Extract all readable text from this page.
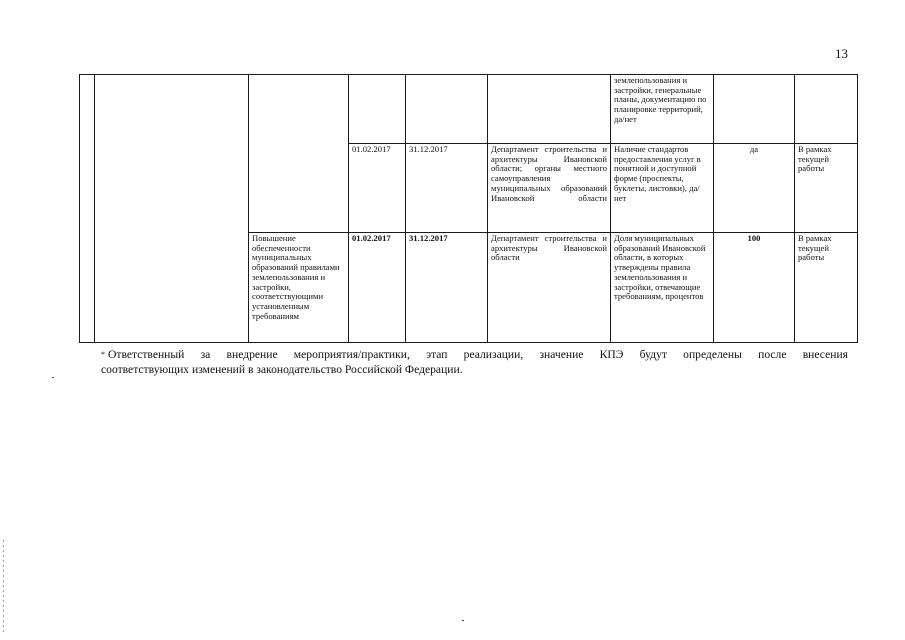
13
						землепользования и застройки, генеральные планы, документацию по планировке территорий, да/нет		
			01.02.2017	31.12.2017	Департамент строительства и архитектуры Ивановской области; органы местного самоуправления муниципальных образований Ивановской области	Наличие стандартов предоставления услуг в понятной и доступной форме (проспекты, буклеты, листовки), да/нет	да	В рамках текущей работы
		Повышение обеспеченности муниципальных образований правилами землепользования и застройки, соответствующими установленным требованиям	01.02.2017	31.12.2017	Департамент строительства и архитектуры Ивановской области	Доля муниципальных образований Ивановской области, в которых утверждены правила землепользования и застройки, отвечающие требованиям, процентов	100	В рамках текущей работы
* Ответственный за внедрение мероприятия/практики, этап реализации, значение КПЭ будут определены после внесения
соответствующих изменений в законодательство Российской Федерации.
